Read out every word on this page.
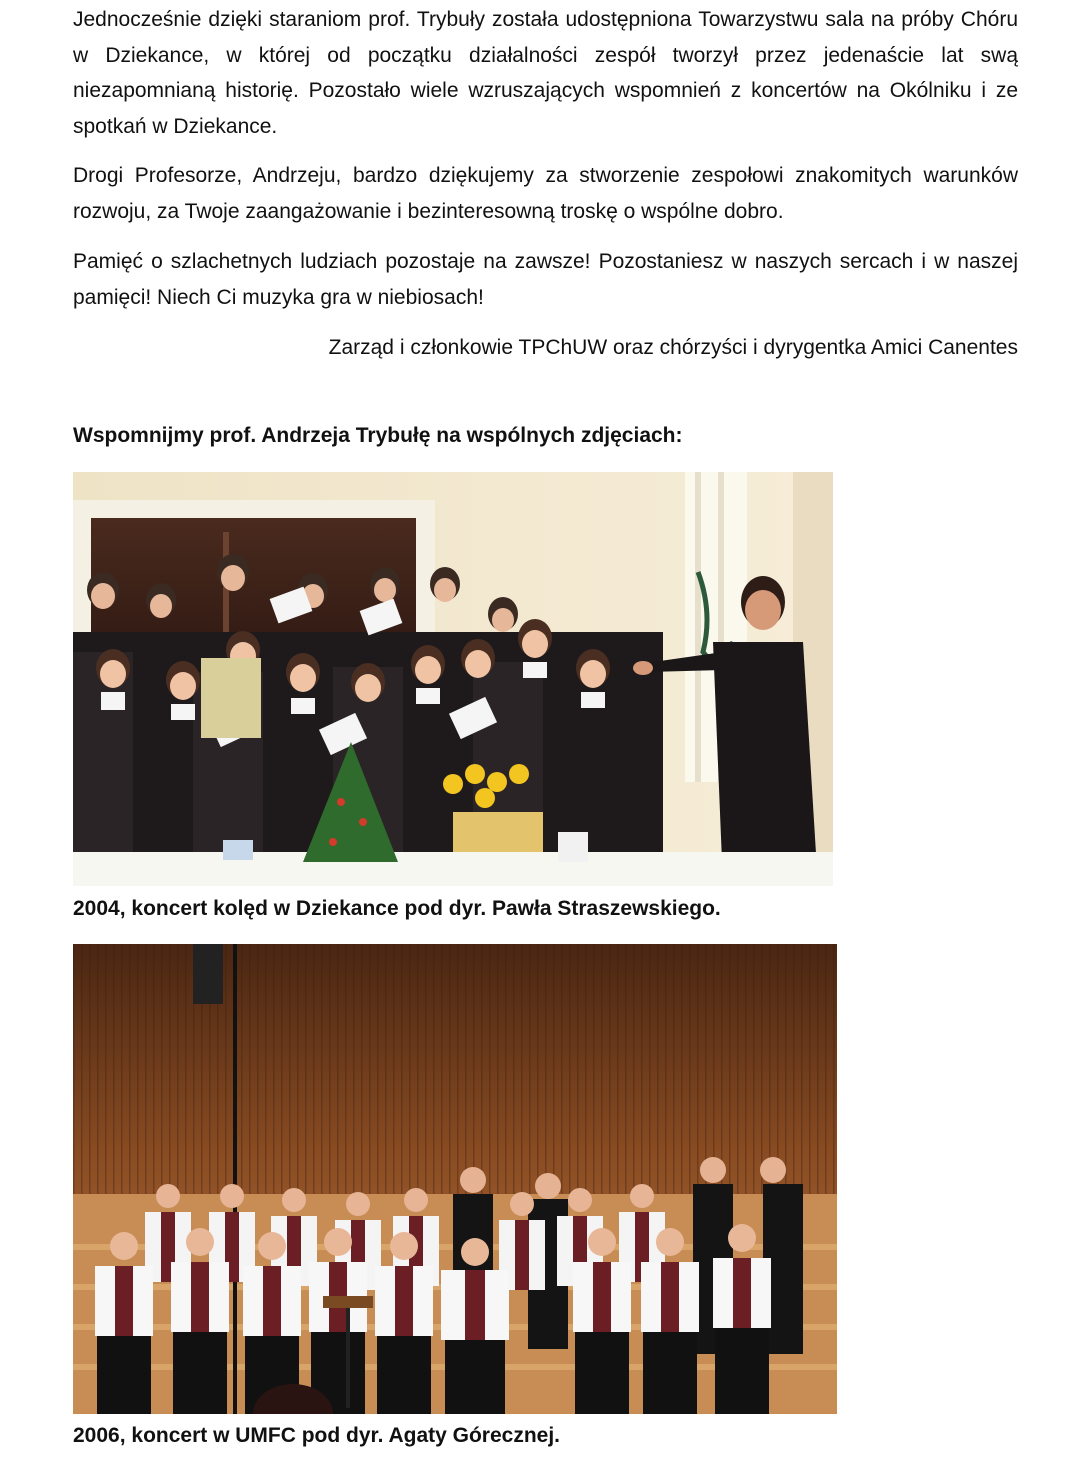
Jednocześnie dzięki staraniom prof. Trybuły została udostępniona Towarzystwu sala na próby Chóru w Dziekance, w której od początku działalności zespół tworzył przez jedenaście lat swą niezapomnianą historię. Pozostało wiele wzruszających wspomnień z koncertów na Okólniku i ze spotkań w Dziekance.

Drogi Profesorze, Andrzeju, bardzo dziękujemy za stworzenie zespołowi znakomitych warunków rozwoju, za Twoje zaangażowanie i bezinteresowną troskę o wspólne dobro.

Pamięć o szlachetnych ludziach pozostaje na zawsze! Pozostaniesz w naszych sercach i w naszej pamięci! Niech Ci muzyka gra w niebiosach!

Zarząd i członkowie TPChUW oraz chórzyści i dyrygentka Amici Canentes
Wspomnijmy prof. Andrzeja Trybułę na wspólnych zdjęciach:
2004, koncert kolęd w Dziekance pod dyr. Pawła Straszewskiego.
2006, koncert w UMFC pod dyr. Agaty Górecznej.
